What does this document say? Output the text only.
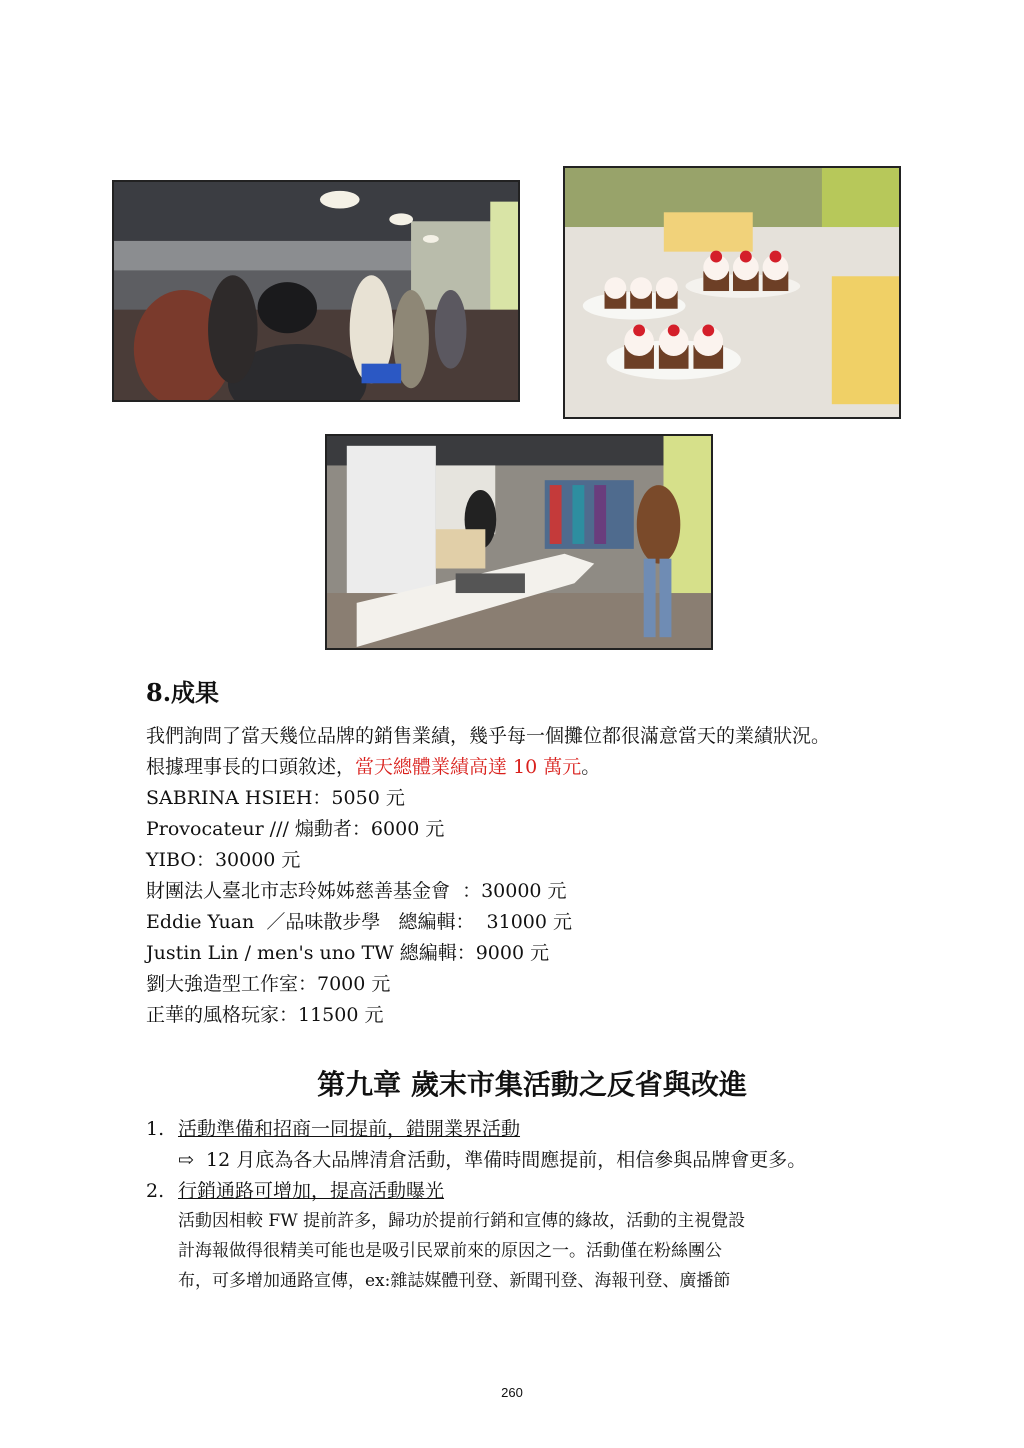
8.成果
我們詢問了當天幾位品牌的銷售業績，幾乎每一個攤位都很滿意當天的業績狀況。
根據理事長的口頭敘述，當天總體業績高達 10 萬元。
SABRINA HSIEH：5050 元
Provocateur /// 煽動者：6000 元
YIBO：30000 元
財團法人臺北市志玲姊姊慈善基金會  ：30000 元
Eddie Yuan  ／品味散步學   總編輯：  31000 元
Justin Lin / men's uno TW 總編輯：9000 元
劉大強造型工作室：7000 元
正華的風格玩家：11500 元
第九章 歲末市集活動之反省與改進
1. 活動準備和招商一同提前，錯開業界活動
⇨ 12 月底為各大品牌清倉活動，準備時間應提前，相信參與品牌會更多。
2. 行銷通路可增加，提高活動曝光
活動因相較 FW 提前許多，歸功於提前行銷和宣傳的緣故，活動的主視覺設
計海報做得很精美可能也是吸引民眾前來的原因之一。活動僅在粉絲團公
布，可多增加通路宣傳，ex:雜誌媒體刊登、新聞刊登、海報刊登、廣播節
260
